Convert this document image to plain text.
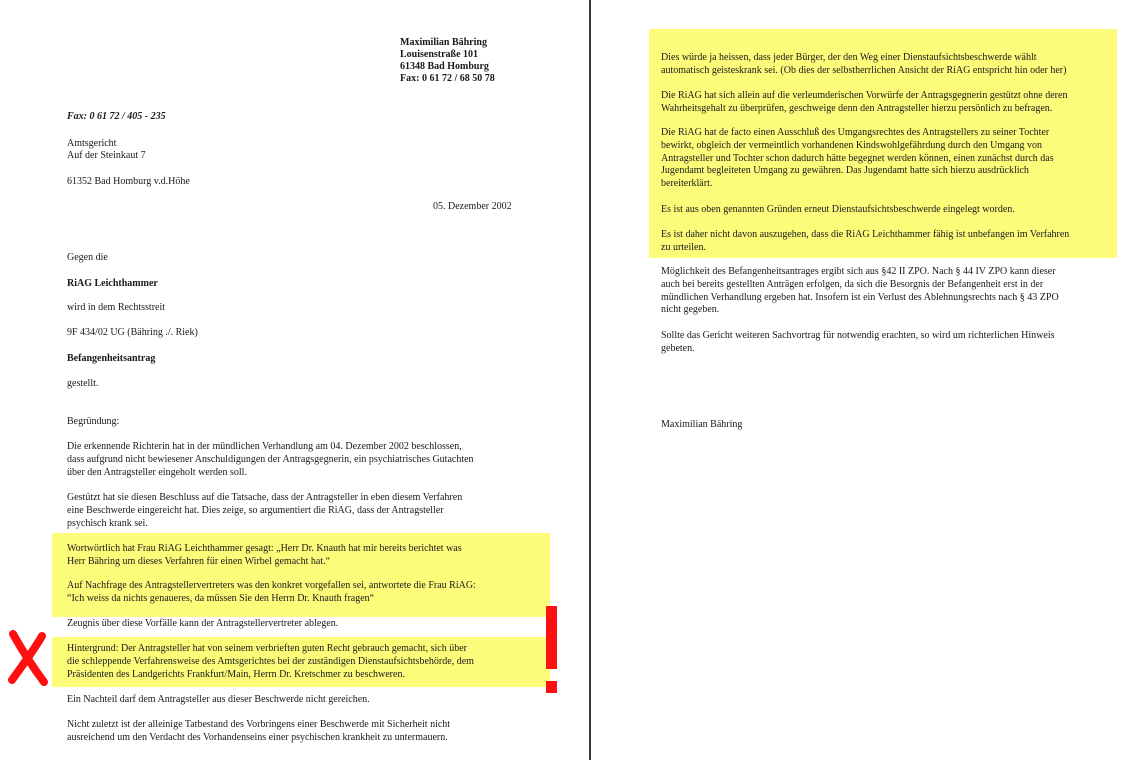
Maximilian Bähring
Louisenstraße 101
61348 Bad Homburg
Fax: 0 61 72 / 68 50 78
Fax: 0 61 72 / 405 - 235
Amtsgericht
Auf der Steinkaut 7
61352 Bad Homburg v.d.Höhe
05. Dezember 2002
Gegen die
RiAG Leichthammer
wird in dem Rechtsstreit
9F 434/02 UG (Bähring ./. Riek)
Befangenheitsantrag
gestellt.
Begründung:
Die erkennende Richterin hat in der mündlichen Verhandlung am 04. Dezember 2002 beschlossen,
dass aufgrund nicht bewiesener Anschuldigungen der Antragsgegnerin, ein psychiatrisches Gutachten
über den Antragsteller eingeholt werden soll.
Gestützt hat sie diesen Beschluss auf die Tatsache, dass der Antragsteller in eben diesem Verfahren
eine Beschwerde eingereicht hat. Dies zeige, so argumentiert die RiAG, dass der Antragsteller
psychisch krank sei.
Wortwörtlich hat Frau RiAG Leichthammer gesagt: „Herr Dr. Knauth hat mir bereits berichtet was
Herr Bähring um dieses Verfahren für einen Wirbel gemacht hat.“
Auf Nachfrage des Antragstellervertreters was den konkret vorgefallen sei, antwortete die Frau RiAG:
“Ich weiss da nichts genaueres, da müssen Sie den Herrn Dr. Knauth fragen“
Zeugnis über diese Vorfälle kann der Antragstellervertreter ablegen.
Hintergrund: Der Antragsteller hat von seinem verbrieften guten Recht gebrauch gemacht, sich über
die schleppende Verfahrensweise des Amtsgerichtes bei der zuständigen Dienstaufsichtsbehörde, dem
Präsidenten des Landgerichts Frankfurt/Main, Herrn Dr. Kretschmer zu beschweren.
Ein Nachteil darf dem Antragsteller aus dieser Beschwerde nicht gereichen.
Nicht zuletzt ist der alleinige Tatbestand des Vorbringens einer Beschwerde mit Sicherheit nicht
ausreichend um den Verdacht des Vorhandenseins einer psychischen krankheit zu untermauern.
Dies würde ja heissen, dass jeder Bürger, der den Weg einer Dienstaufsichtsbeschwerde wählt
automatisch geisteskrank sei. (Ob dies der selbstherrlichen Ansicht der RiAG entspricht hin oder her)
Die RiAG hat sich allein auf die verleumderischen Vorwürfe der Antragsgegnerin gestützt ohne deren
Wahrheitsgehalt zu überprüfen, geschweige denn den Antragsteller hierzu persönlich zu befragen.
Die RiAG hat de facto einen Ausschluß des Umgangsrechtes des Antragstellers zu seiner Tochter
bewirkt, obgleich der vermeintlich vorhandenen Kindswohlgefährdung durch den Umgang von
Antragsteller und Tochter schon dadurch hätte begegnet werden können, einen zunächst durch das
Jugendamt begleiteten Umgang zu gewähren. Das Jugendamt hatte sich hierzu ausdrücklich
bereiterklärt.
Es ist aus oben genannten Gründen erneut Dienstaufsichtsbeschwerde eingelegt worden.
Es ist daher nicht davon auszugehen, dass die RiAG Leichthammer fähig ist unbefangen im Verfahren
zu urteilen.
Möglichkeit des Befangenheitsantrages ergibt sich aus §42 II ZPO. Nach § 44 IV ZPO kann dieser
auch bei bereits gestellten Anträgen erfolgen, da sich die Besorgnis der Befangenheit erst in der
mündlichen Verhandlung ergeben hat. Insofern ist ein Verlust des Ablehnungsrechts nach § 43 ZPO
nicht gegeben.
Sollte das Gericht weiteren Sachvortrag für notwendig erachten, so wird um richterlichen Hinweis
gebeten.
Maximilian Bähring
